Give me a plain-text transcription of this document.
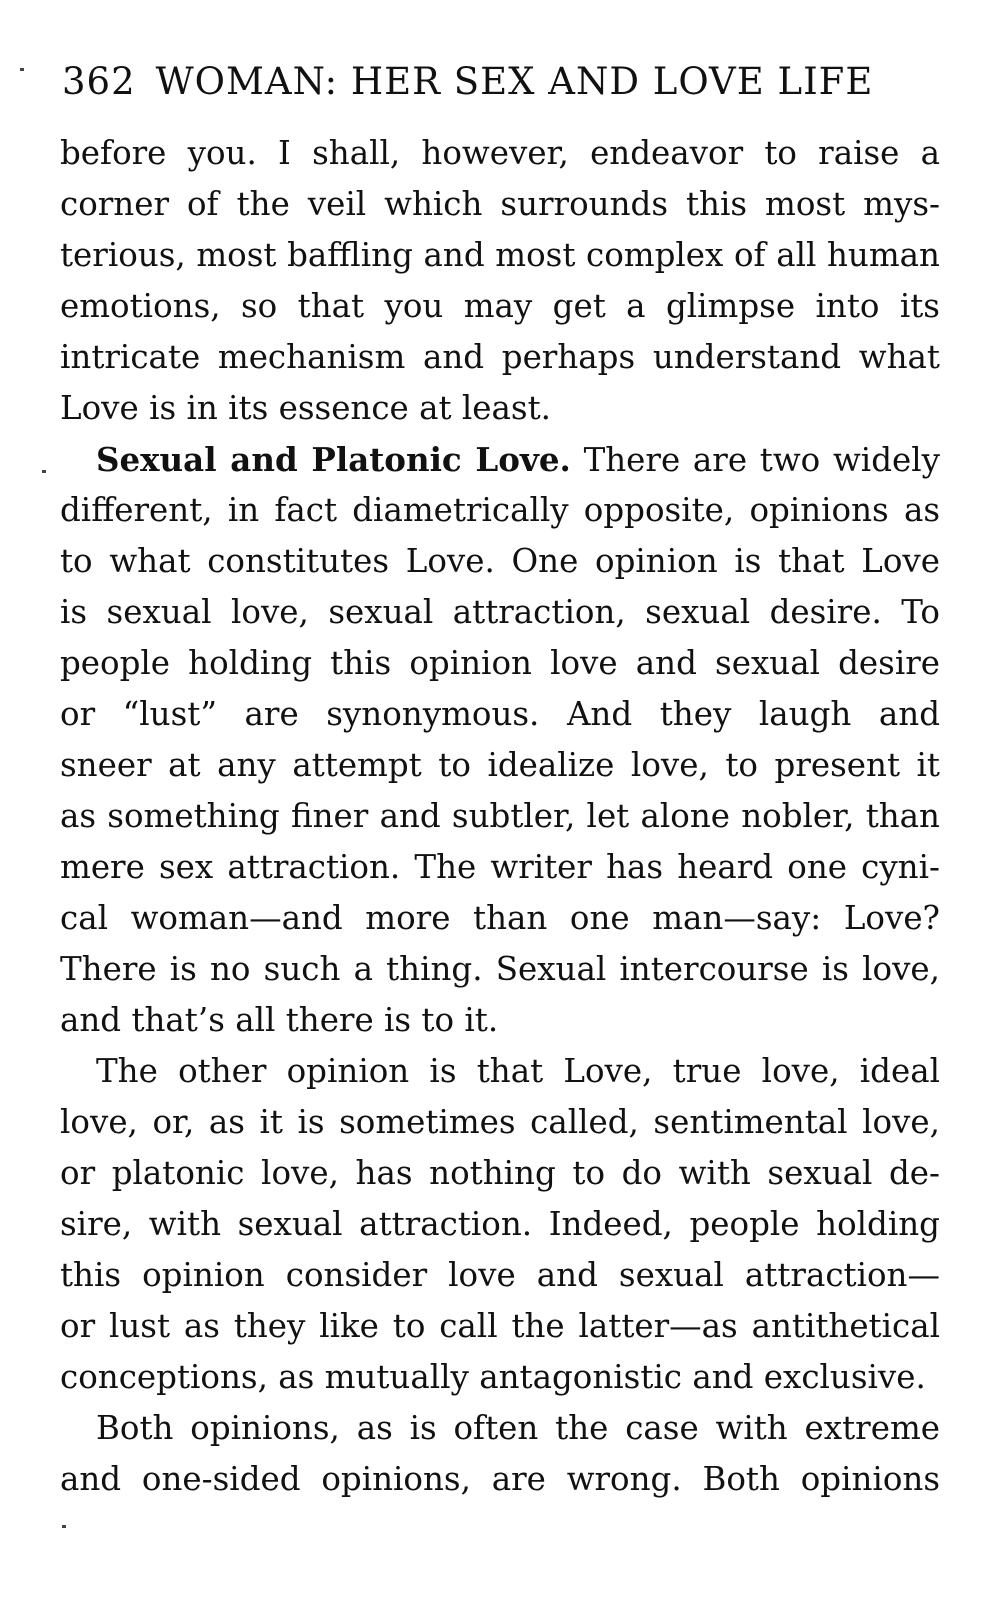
362 WOMAN: HER SEX AND LOVE LIFE
before you. I shall, however, endeavor to raise a
corner of the veil which surrounds this most mys-
terious, most baffling and most complex of all human
emotions, so that you may get a glimpse into its
intricate mechanism and perhaps understand what
Love is in its essence at least.
Sexual and Platonic Love. There are two widely
different, in fact diametrically opposite, opinions as
to what constitutes Love. One opinion is that Love
is sexual love, sexual attraction, sexual desire. To
people holding this opinion love and sexual desire
or “lust” are synonymous. And they laugh and
sneer at any attempt to idealize love, to present it
as something finer and subtler, let alone nobler, than
mere sex attraction. The writer has heard one cyni-
cal woman—and more than one man—say: Love?
There is no such a thing. Sexual intercourse is love,
and that’s all there is to it.
The other opinion is that Love, true love, ideal
love, or, as it is sometimes called, sentimental love,
or platonic love, has nothing to do with sexual de-
sire, with sexual attraction. Indeed, people holding
this opinion consider love and sexual attraction—
or lust as they like to call the latter—as antithetical
conceptions, as mutually antagonistic and exclusive.
Both opinions, as is often the case with extreme
and one-sided opinions, are wrong. Both opinions
